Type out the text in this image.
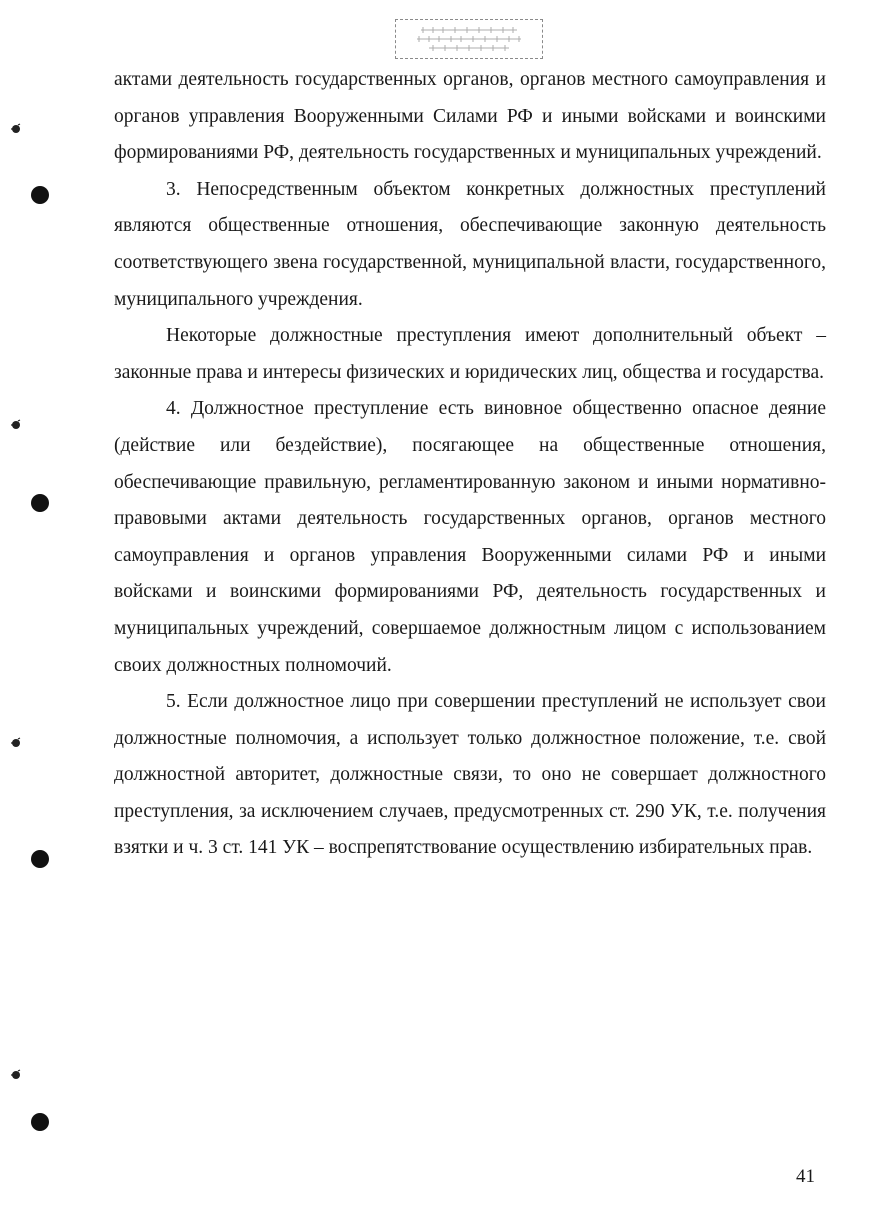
актами деятельность государственных органов, органов местного самоуправления и органов управления Вооруженными Силами РФ и иными войсками и воинскими формированиями РФ, деятельность государственных и муниципальных учреждений.

3. Непосредственным объектом конкретных должностных преступлений являются общественные отношения, обеспечивающие законную деятельность соответствующего звена государственной, муниципальной власти, государственного, муниципального учреждения.

Некоторые должностные преступления имеют дополнительный объект – законные права и интересы физических и юридических лиц, общества и государства.

4. Должностное преступление есть виновное общественно опасное деяние (действие или бездействие), посягающее на общественные отношения, обеспечивающие правильную, регламентированную законом и иными нормативно-правовыми актами деятельность государственных органов, органов местного самоуправления и органов управления Вооруженными силами РФ и иными войсками и воинскими формированиями РФ, деятельность государственных и муниципальных учреждений, совершаемое должностным лицом с использованием своих должностных полномочий.

5. Если должностное лицо при совершении преступлений не использует свои должностные полномочия, а использует только должностное положение, т.е. свой должностной авторитет, должностные связи, то оно не совершает должностного преступления, за исключением случаев, предусмотренных ст. 290 УК, т.е. получения взятки и ч. 3 ст. 141 УК – воспрепятствование осуществлению избирательных прав.

41
